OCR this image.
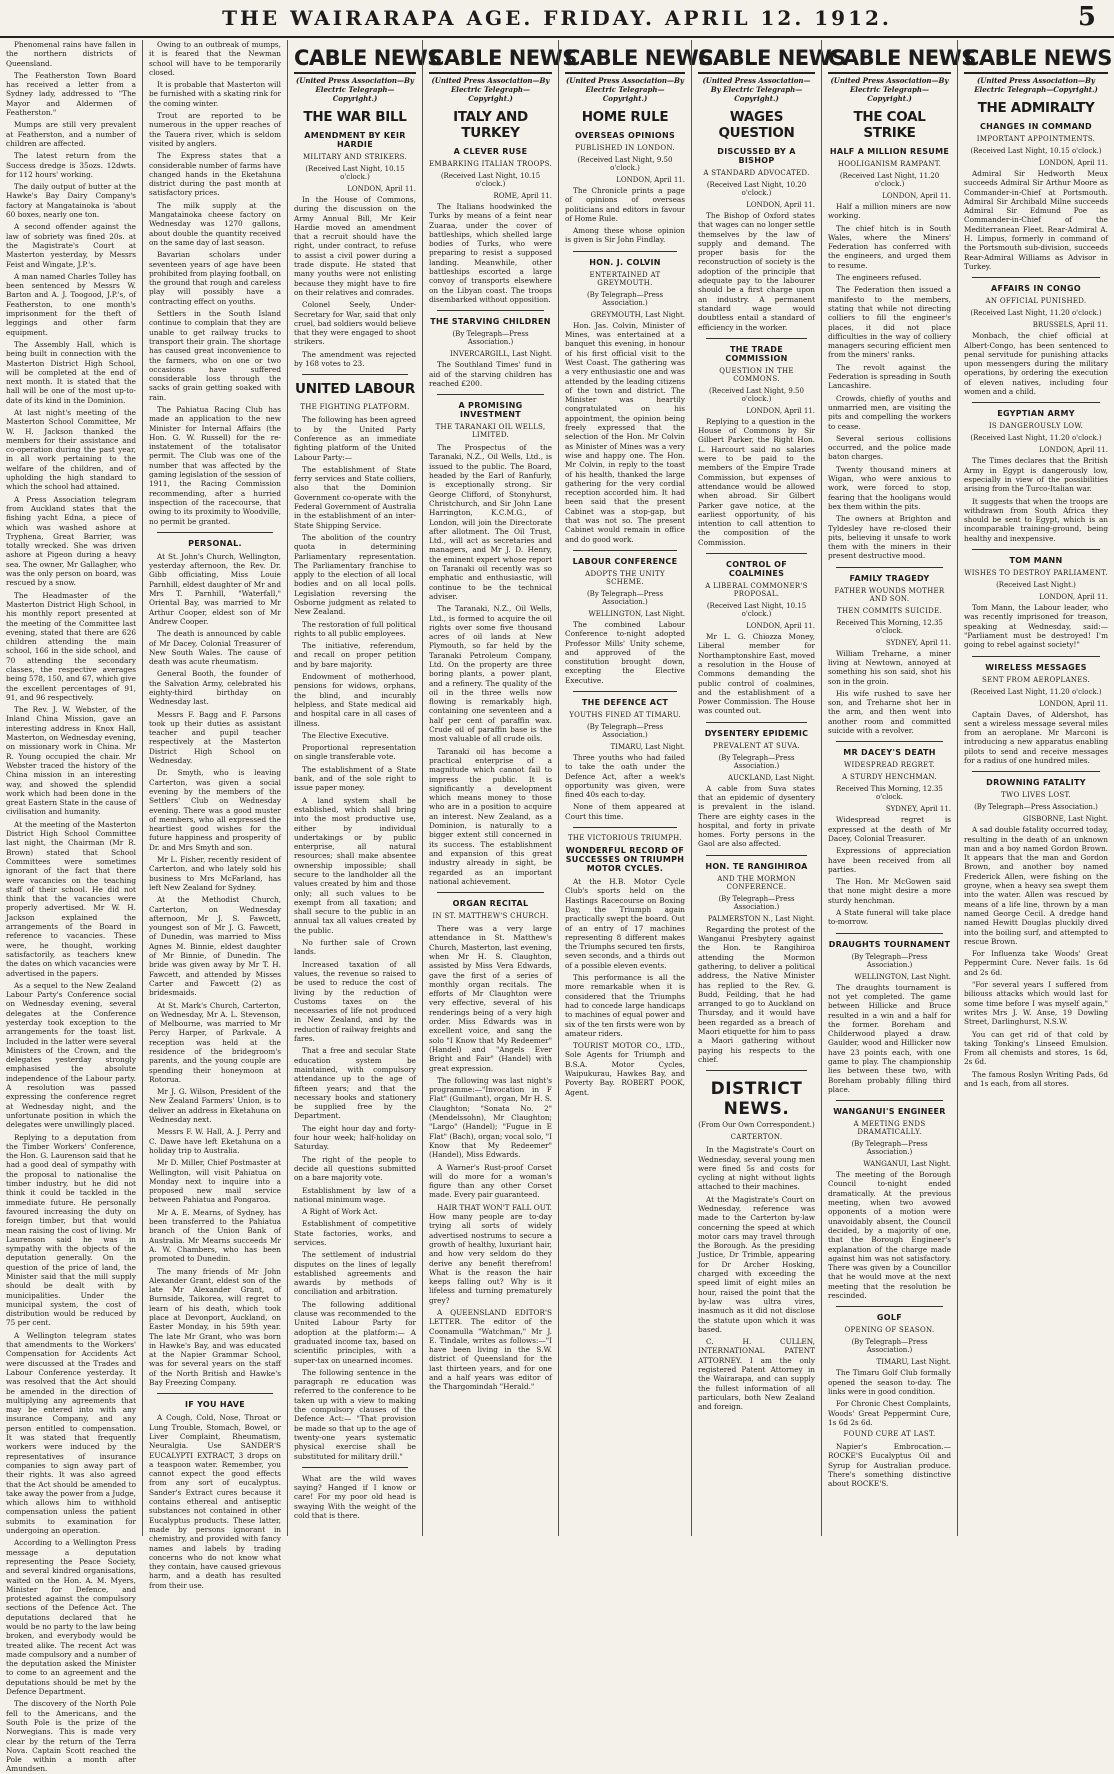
THE WAIRARAPA AGE. FRIDAY. APRIL 12. 1912.	5

Phenomenal rains have fallen in the northern districts of Queensland.

The Featherston Town Board has received a letter from a Sydney lady, addressed to "The Mayor and Aldermen of Featherston."

Mumps are still very prevalent at Featherston, and a number of children are affected.

The latest return from the Success dredge is 35ozs. 12dwts. for 112 hours' working.

The daily output of butter at the Hawke's Bay Dairy Company's factory at Mangatainoka is 'about 60 boxes, nearly one ton.

A second offender against the law of sobriety was fined 20s. at the Magistrate's Court at Masterton yesterday, by Messrs Feist and Wingate, J.P.'s.

A man named Charles Tolley has been sentenced by Messrs W. Barton and A. J. Toogood, J.P.'s, of Featherston, to one month's imprisonment for the theft of leggings and other farm equipment.

The Assembly Hall, which is being built in connection with the Masterton District High School, will be completed at the end of next month. It is stated that the hall will be one of the most up-to-date of its kind in the Dominion.

At last night's meeting of the Masterton School Committee, Mr W. H. Jackson thanked the members for their assistance and co-operation during the past year, in all work pertaining to the welfare of the children, and of upholding the high standard to which the school had attained.

A Press Association telegram from Auckland states that the fishing yacht Edna, a piece of which was washed ashore at Tryphena, Great Barrier, was totally wrecked. She was driven ashore at Pigeon during a heavy sea. The owner, Mr Gallagher, who was the only person on board, was rescued by a snow.

The Headmaster of the Masterton District High School, in his monthly report presented at the meeting of the Committee last evening, stated that there are 626 children attending the main school, 166 in the side school, and 70 attending the secondary classes, the respective averages being 578, 150, and 67, which give the excellent percentages of 91, 91, and 96 respectively.

The Rev. J. W. Webster, of the Inland China Mission, gave an interesting address in Knox Hall, Masterton, on Wednesday evening, on missionary work in China. Mr R. Young occupied the chair. Mr Webster traced the history of the China mission in an interesting way, and showed the splendid work which had been done in the great Eastern State in the cause of civilisation and humanity.

At the meeting of the Masterton District High School Committee last night, the Chairman (Mr R. Brown) stated that School Committees were sometimes ignorant of the fact that there were vacancies on the teaching staff of their school. He did not think that the vacancies were properly advertised. Mr W. H. Jackson explained the arrangements of the Board in reference to vacancies. These were, he thought, working satisfactorily, as teachers knew the dates on which vacancies were advertised in the papers.

As a sequel to the New Zealand Labour Party's Conference social on Wednesday evening, several delegates at the Conference yesterday took exception to the arrangements for the toast list. Included in the latter were several Ministers of the Crown, and the delegates yesterday strongly emphasised the absolute independence of the Labour party. A resolution was passed expressing the conference regret at Wednesday night, and the unfortunate position in which the delegates were unwillingly placed.

Replying to a deputation from the Timber Workers' Conference, the Hon. G. Laurenson said that he had a good deal of sympathy with the proposal to nationalise the timber industry, but he did not think it could be tackled in the immediate future. He personally favoured increasing the duty on foreign timber, but that would mean raising the cost of living. Mr Laurenson said he was in sympathy with the objects of the deputation generally. On the question of the price of land, the Minister said that the mill supply should be dealt with by municipalities. Under the municipal system, the cost of distribution would be reduced by 75 per cent.

A Wellington telegram states that amendments to the Workers' Compensation for Accidents Act were discussed at the Trades and Labour Conference yesterday. It was resolved that the Act should be amended in the direction of multiplying any agreements that may be entered into with any insurance Company, and any person entitled to compensation. It was stated that frequently workers were induced by the representatives of insurance companies to sign away part of their rights. It was also agreed that the Act should be amended to take away the power from a Judge, which allows him to withhold compensation unless the patient submits to examination for undergoing an operation.

According to a Wellington Press message a deputation representing the Peace Society, and several kindred organisations, waited on the Hon. A. M. Myers, Minister for Defence, and protested against the compulsory sections of the Defence Act. The deputations declared that he would be no party to the law being broken, and everybody would be treated alike. The recent Act was made compulsory and a number of the deputation asked the Minister to come to an agreement and the deputations should be met by the Defence Department.

The discovery of the North Pole fell to the Americans, and the South Pole is the prize of the Norwegians. This is made very clear by the return of the Terra Nova. Captain Scott reached the Pole within a month after Amundsen.

Owing to an outbreak of mumps, it is feared that the Newman school will have to be temporarily closed.

It is probable that Masterton will be furnished with a skating rink for the coming winter.

Trout are reported to be numerous in the upper reaches of the Tauera river, which is seldom visited by anglers.

The Express states that a considerable number of farms have changed hands in the Eketahuna district during the past month at satisfactory prices.

The milk supply at the Mangatainoka cheese factory on Wednesday was 1270 gallons, about double the quantity received on the same day of last season.

Bavarian scholars under seventeen years of age have been prohibited from playing football, on the ground that rough and careless play will possibly have a contracting effect on youths.

Settlers in the South Island continue to complain that they are unable to get railway trucks to transport their grain. The shortage has caused great inconvenience to the farmers, who on one or two occasions have suffered considerable loss through the sacks of grain getting soaked with rain.

The Pahiatua Racing Club has made an application to the new Minister for Internal Affairs (the Hon. G. W. Russell) for the re-instatement of the totalisator permit. The Club was one of the number that was affected by the gaming legislation of the session of 1911, the Racing Commission recommending, after a hurried inspection of the racecourse, that owing to its proximity to Woodville, no permit be granted.

PERSONAL.

At St. John's Church, Wellington, yesterday afternoon, the Rev. Dr. Gibb officiating, Miss Louie Parnhill, eldest daughter of Mr and Mrs T. Parnhill, "Waterfall," Oriental Bay, was married to Mr Arthur Cooper, eldest son of Mr Andrew Cooper.

The death is announced by cable of Mr Dacey, Colonial Treasurer of New South Wales. The cause of death was acute rheumatism.

General Booth, the founder of the Salvation Army, celebrated his eighty-third birthday on Wednesday last.

Messrs F. Bagg and F. Parsons took up their duties as assistant teacher and pupil teacher respectively at the Masterton District High School on Wednesday.

Dr. Smyth, who is leaving Carterton, was given a social evening by the members of the Settlers' Club on Wednesday evening. There was a good muster of members, who all expressed the heartiest good wishes for the future happiness and prosperity of Dr. and Mrs Smyth and son.

Mr L. Fisher, recently resident of Carterton, and who lately sold his business to Mrs McFarland, has left New Zealand for Sydney.

At the Methodist Church, Carterton, on Wednesday afternoon, Mr J. S. Fawcett, youngest son of Mr J. G. Fawcett, of Dunedin, was married to Miss Agnes M. Binnie, eldest daughter of Mr Binnie, of Dunedin. The bride was given away by Mr T. H. Fawcett, and attended by Misses Carter and Fawcett (2) as bridesmaids.

At St. Mark's Church, Carterton, on Wednesday, Mr A. L. Stevenson, of Melbourne, was married to Mr Percy Harper, of Parkvale. A reception was held at the residence of the bridegroom's parents, and the young couple are spending their honeymoon at Rotorua.

Mr J. G. Wilson, President of the New Zealand Farmers' Union, is to deliver an address in Eketahuna on Wednesday next.

Messrs F. W. Hall, A. J. Perry and C. Dawe have left Eketahuna on a holiday trip to Australia.

Mr D. Miller, Chief Postmaster at Wellington, will visit Pahiatua on Monday next to inquire into a proposed new mail service between Pahiatua and Pongaroa.

Mr A. E. Mearns, of Sydney, has been transferred to the Pahiatua branch of the Union Bank of Australia. Mr Mearns succeeds Mr A. W. Chambers, who has been promoted to Dunedin.

The many friends of Mr John Alexander Grant, eldest son of the late Mr Alexander Grant, of Burnside, Taikorea, will regret to learn of his death, which took place at Devonport, Auckland, on Easter Monday, in his 59th year. The late Mr Grant, who was born in Hawke's Bay, and was educated at the Napier Grammar School, was for several years on the staff of the North British and Hawke's Bay Freezing Company.

IF YOU HAVE

A Cough, Cold, Nose, Throat or Lung Trouble, Stomach, Bowel, or Liver Complaint, Rheumatism, Neuralgia. Use SANDER'S EUCALYPTI EXTRACT, 3 drops on a teaspoon water. Remember, you cannot expect the good effects from any sort of eucalyptus. Sander's Extract cures because it contains ethereal and antiseptic substances not contained in other Eucalyptus products. These latter, made by persons ignorant in chemistry, and provided with fancy names and labels by trading concerns who do not know what they contain, have caused grievous harm, and a death has resulted from their use.

CABLE NEWS
(United Press Association—By Electric Telegraph—Copyright.)
THE WAR BILL
AMENDMENT BY KEIR HARDIE
MILITARY AND STRIKERS.
(Received Last Night, 10.15 o'clock.)
LONDON, April 11.

In the House of Commons, during the discussion on the Army Annual Bill, Mr Keir Hardie moved an amendment that a recruit should have the right, under contract, to refuse to assist a civil power during a trade dispute. He stated that many youths were not enlisting because they might have to fire on their relatives and comrades.

Colonel Seely, Under-Secretary for War, said that only cruel, bad soldiers would believe that they were engaged to shoot strikers.

The amendment was rejected by 168 votes to 23.

UNITED LABOUR
THE FIGHTING PLATFORM.

The following has been agreed to by the United Party Conference as an immediate fighting platform of the United Labour Party:—

The establishment of State ferry services and State colliers, also that the Dominion Government co-operate with the Federal Government of Australia in the establishment of an inter-State Shipping Service.

The abolition of the country quota in determining Parliamentary representation. The Parliamentary franchise to apply to the election of all local bodies and on all local polls. Legislation reversing the Osborne judgment as related to New Zealand.

The restoration of full political rights to all public employees.

The initiative, referendum, and recall on proper petition and by bare majority.

Endowment of motherhood, pensions for widows, orphans, the blind, and incurably helpless, and State medical aid and hospital care in all cases of illness.

The Elective Executive.

Proportional representation on single transferable vote.

The establishment of a State bank, and of the sole right to issue paper money.

A land system shall be established, which shall bring into the most productive use, either by individual undertakings or by public enterprise, all natural resources; shall make absentee ownership impossible; shall secure to the landholder all the values created by him and those only; all such values to be exempt from all taxation; and shall secure to the public in an annual tax all values created by the public.

No further sale of Crown lands.

Increased taxation of all values, the revenue so raised to be used to reduce the cost of living by the reduction of Customs taxes on the necessaries of life not produced in New Zealand, and by the reduction of railway freights and fares.

That a free and secular State education system be maintained, with compulsory attendance up to the age of fifteen years; and that the necessary books and stationery be supplied free by the Department.

The eight hour day and forty-four hour week; half-holiday on Saturday.

The right of the people to decide all questions submitted on a bare majority vote.

Establishment by law of a national minimum wage.

A Right of Work Act.

Establishment of competitive State factories, works, and services.

The settlement of industrial disputes on the lines of legally established agreements and awards by methods of conciliation and arbitration.

The following additional clause was recommended to the United Labour Party for adoption at the platform:— A graduated income tax, based on scientific principles, with a super-tax on unearned incomes.

The following sentence in the paragraph re education was referred to the conference to be taken up with a view to making the compulsory clauses of the Defence Act:— "That provision be made so that up to the age of twenty-one years systematic physical exercise shall be substituted for military drill."

What are the wild waves saying? Hanged if I know or care! For my poor old head is swaying With the weight of the cold that is there.

CABLE NEWS
(United Press Association—By Electric Telegraph—Copyright.)
ITALY AND TURKEY
A CLEVER RUSE
EMBARKING ITALIAN TROOPS.
(Received Last Night, 10.15 o'clock.)
ROME, April 11.

The Italians hoodwinked the Turks by means of a feint near Zuaraa, under the cover of battleships, which shelled large bodies of Turks, who were preparing to resist a supposed landing. Meanwhile, other battleships escorted a large convoy of transports elsewhere on the Libyan coast. The troops disembarked without opposition.

THE STARVING CHILDREN
(By Telegraph—Press Association.)
INVERCARGILL, Last Night.

The Southland Times' fund in aid of the starving children has reached £200.

A PROMISING INVESTMENT
THE TARANAKI OIL WELLS, LIMITED.

The Prospectus of the Taranaki, N.Z., Oil Wells, Ltd., is issued to the public. The Board, headed by the Earl of Ranfurly, is exceptionally strong. Sir George Clifford, of Stonyhurst, Christchurch, and Sir John Lane Harrington, K.C.M.G., of London, will join the Directorate after allotment. The Oil Trust, Ltd., will act as secretaries and managers, and Mr J. D. Henry, the eminent expert whose report on Taranaki oil recently was so emphatic and enthusiastic, will continue to be the technical adviser.

The Taranaki, N.Z., Oil Wells, Ltd., is formed to acquire the oil rights over some five thousand acres of oil lands at New Plymouth, so far held by the Taranaki Petroleum Company, Ltd. On the property are three boring plants, a power plant, and a refinery. The quality of the oil in the three wells now flowing is remarkably high, containing one seventeen and a half per cent of paraffin wax. Crude oil of paraffin base is the most valuable of all crude oils.

Taranaki oil has become a practical enterprise of a magnitude which cannot fail to impress the public. It is significantly a development which means money to those who are in a position to acquire an interest. New Zealand, as a Dominion, is naturally to a bigger extent still concerned in its success. The establishment and expansion of this great industry already in sight, be regarded as an important national achievement.

ORGAN RECITAL
IN ST. MATTHEW'S CHURCH.

There was a very large attendance in St. Matthew's Church, Masterton, last evening, when Mr H. S. Claughton, assisted by Miss Vera Edwards, gave the first of a series of monthly organ recitals. The efforts of Mr Claughton were very effective, several of his renderings being of a very high order. Miss Edwards was in excellent voice, and sang the solo "I Know that My Redeemer" (Handel) and "Angels Ever Bright and Fair" (Handel) with great expression.

The following was last night's programme:—"Invocation in F Flat" (Guilmant), organ, Mr H. S. Claughton; "Sonata No. 2" (Mendelssohn), Mr Claughton; "Largo" (Handel); "Fugue in E Flat" (Bach), organ; vocal solo, "I Know that My Redeemer" (Handel), Miss Edwards.

A Warner's Rust-proof Corset will do more for a woman's figure than any other Corset made. Every pair guaranteed.

HAIR THAT WON'T FALL OUT. How many people are to-day trying all sorts of widely advertised nostrums to secure a growth of healthy, luxuriant hair, and how very seldom do they derive any benefit therefrom! What is the reason the hair keeps falling out? Why is it lifeless and turning prematurely grey?

A QUEENSLAND EDITOR'S LETTER. The editor of the Coonamulla "Watchman," Mr J. E. Tindale, writes as follows:—"I have been living in the S.W. district of Queensland for the last thirteen years, and for one and a half years was editor of the Thargomindah "Herald."

CABLE NEWS
(United Press Association—By Electric Telegraph—Copyright.)
HOME RULE
OVERSEAS OPINIONS
PUBLISHED IN LONDON.
(Received Last Night, 9.50 o'clock.)
LONDON, April 11.

The Chronicle prints a page of opinions of overseas politicians and editors in favour of Home Rule.

Among these whose opinion is given is Sir John Findlay.

HON. J. COLVIN
ENTERTAINED AT GREYMOUTH.
(By Telegraph—Press Association.)
GREYMOUTH, Last Night.

Hon. Jas. Colvin, Minister of Mines, was entertained at a banquet this evening, in honour of his first official visit to the West Coast. The gathering was a very enthusiastic one and was attended by the leading citizens of the town and district. The Minister was heartily congratulated on his appointment, the opinion being freely expressed that the selection of the Hon. Mr Colvin as Minister of Mines was a very wise and happy one. The Hon. Mr Colvin, in reply to the toast of his health, thanked the large gathering for the very cordial reception accorded him. It had been said that the present Cabinet was a stop-gap, but that was not so. The present Cabinet would remain in office and do good work.

LABOUR CONFERENCE
ADOPTS THE UNITY SCHEME.
(By Telegraph—Press Association.)
WELLINGTON, Last Night.

The combined Labour Conference to-night adopted Professor Mills' Unity scheme, and approved of the constitution brought down, excepting the Elective Executive.

THE DEFENCE ACT
YOUTHS FINED AT TIMARU.
(By Telegraph—Press Association.)
TIMARU, Last Night.

Three youths who had failed to take the oath under the Defence Act, after a week's opportunity was given, were fined 40s each to-day.

None of them appeared at Court this time.

THE VICTORIOUS TRIUMPH.
WONDERFUL RECORD OF SUCCESSES ON TRIUMPH MOTOR CYCLES.

At the H.B. Motor Cycle Club's sports held on the Hastings Racecourse on Boxing Day, the Triumph again practically swept the board. Out of an entry of 17 machines representing 8 different makes the Triumphs secured ten firsts, seven seconds, and a thirds out of a possible eleven events.

This performance is all the more remarkable when it is considered that the Triumphs had to concede large handicaps to machines of equal power and six of the ten firsts were won by amateur riders.

TOURIST MOTOR CO., LTD., Sole Agents for Triumph and B.S.A. Motor Cycles, Waipukurau, Hawkes Bay, and Poverty Bay. ROBERT POOK, Agent.

CABLE NEWS
(United Press Association—By Electric Telegraph—Copyright.)
WAGES QUESTION
DISCUSSED BY A BISHOP
A STANDARD ADVOCATED.
(Received Last Night, 10.20 o'clock.)
LONDON, April 11.

The Bishop of Oxford states that wages can no longer settle themselves by the law of supply and demand. The proper basis for the reconstruction of society is the adoption of the principle that adequate pay to the labourer should be a first charge upon an industry. A permanent standard wage would doubtless entail a standard of efficiency in the worker.

THE TRADE COMMISSION
QUESTION IN THE COMMONS.
(Received Last Night, 9.50 o'clock.)
LONDON, April 11.

Replying to a question in the House of Commons by Sir Gilbert Parker, the Right Hon. L. Harcourt said no salaries were to be paid to the members of the Empire Trade Commission, but expenses of attendance would be allowed when abroad. Sir Gilbert Parker gave notice, at the earliest opportunity, of his intention to call attention to the composition of the Commission.

CONTROL OF COALMINES
A LIBERAL COMMONER'S PROPOSAL.
(Received Last Night, 10.15 o'clock.)
LONDON, April 11.

Mr L. G. Chiozza Money, Liberal member for Northamptonshire East, moved a resolution in the House of Commons demanding the public control of coalmines, and the establishment of a Power Commission. The House was counted out.

DYSENTERY EPIDEMIC
PREVALENT AT SUVA.
(By Telegraph—Press Association.)
AUCKLAND, Last Night.

A cable from Suva states that an epidemic of dysentery is prevalent in the island. There are eighty cases in the hospital, and forty in private homes. Forty persons in the Gaol are also affected.

HON. TE RANGIHIROA
AND THE MORMON CONFERENCE.
(By Telegraph—Press Association.)
PALMERSTON N., Last Night.

Regarding the protest of the Wanganui Presbytery against the Hon. te Rangihiroa attending the Mormon gathering, to deliver a political address, the Native Minister has replied to the Rev. G. Budd, Feilding, that he had arranged to go to Auckland on Thursday, and it would have been regarded as a breach of Maori etiquette for him to pass a Maori gathering without paying his respects to the chief.

DISTRICT NEWS.
(From Our Own Correspondent.)
CARTERTON.

In the Magistrate's Court on Wednesday, several young men were fined 5s and costs for cycling at night without lights attached to their machines.

At the Magistrate's Court on Wednesday, reference was made to the Carterton by-law concerning the speed at which motor cars may travel through the Borough. As the presiding Justice, Dr Trimble, appearing for Dr Archer Hosking, charged with exceeding the speed limit of eight miles an hour, raised the point that the by-law was ultra vires, inasmuch as it did not disclose the statute upon which it was based.

C. H. CULLEN, INTERNATIONAL PATENT ATTORNEY. I am the only registered Patent Attorney in the Wairarapa, and can supply the fullest information of all particulars, both New Zealand and foreign.

CABLE NEWS
(United Press Association—By Electric Telegraph—Copyright.)
THE COAL STRIKE
HALF A MILLION RESUME
HOOLIGANISM RAMPANT.
(Received Last Night, 11.20 o'clock.)
LONDON, April 11.

Half a million miners are now working.

The chief hitch is in South Wales, where the Miners' Federation has conferred with the engineers, and urged them to resume.

The engineers refused.

The Federation then issued a manifesto to the members, stating that while not directing colliers to fill the engineer's places, it did not place difficulties in the way of colliery managers securing efficient men from the miners' ranks.

The revolt against the Federation is spreading in South Lancashire.

Crowds, chiefly of youths and unmarried men, are visiting the pits and compelling the workers to cease.

Several serious collisions occurred, and the police made baton charges.

Twenty thousand miners at Wigan, who were anxious to work, were forced to stop, fearing that the hooligans would bex them within the pits.

The owners at Brighton and Tyldesley have re-closed their pits, believing it unsafe to work them with the miners in their present destructive mood.

FAMILY TRAGEDY
FATHER WOUNDS MOTHER AND SON.
THEN COMMITS SUICIDE.
Received This Morning, 12.35 o'clock.
SYDNEY, April 11.

William Treharne, a miner living at Newtown, annoyed at something his son said, shot his son in the groin.

His wife rushed to save her son, and Treharne shot her in the arm, and then went into another room and committed suicide with a revolver.

MR DACEY'S DEATH
WIDESPREAD REGRET.
A STURDY HENCHMAN.
Received This Morning, 12.35 o'clock.
SYDNEY, April 11.

Widespread regret is expressed at the death of Mr Dacey, Colonial Treasurer.

Expressions of appreciation have been received from all parties.

The Hon. Mr McGowen said that none might desire a more sturdy henchman.

A State funeral will take place to-morrow.

DRAUGHTS TOURNAMENT
(By Telegraph—Press Association.)
WELLINGTON, Last Night.

The draughts tournament is not yet completed. The game between Hillicke and Bruce resulted in a win and a half for the former. Boreham and Childerwood played a draw. Gaulder, wood and Hillicker now have 23 points each, with one game to play. The championship lies between these two, with Boreham probably filling third place.

WANGANUI'S ENGINEER
A MEETING ENDS DRAMATICALLY.
(By Telegraph—Press Association.)
WANGANUI, Last Night.

The meeting of the Borough Council to-night ended dramatically. At the previous meeting, when two avowed opponents of a motion were unavoidably absent, the Council decided, by a majority of one, that the Borough Engineer's explanation of the charge made against him was not satisfactory. There was given by a Councillor that he would move at the next meeting that the resolution be rescinded.

GOLF
OPENING OF SEASON.
(By Telegraph—Press Association.)
TIMARU, Last Night.

The Timaru Golf Club formally opened the season to-day. The links were in good condition.

For Chronic Chest Complaints, Woods' Great Peppermint Cure, 1s 6d 2s 6d.

FOUND CURE AT LAST.

Napier's Embrocation.—ROCKE'S Eucalyptus Oil and Syrup for Australian produce. There's something distinctive about ROCKE'S.

CABLE NEWS
(United Press Association—By Electric Telegraph—Copyright.)
THE ADMIRALTY
CHANGES IN COMMAND
IMPORTANT APPOINTMENTS.
(Received Last Night, 10.15 o'clock.)
LONDON, April 11.

Admiral Sir Hedworth Meux succeeds Admiral Sir Arthur Moore as Commander-in-Chief at Portsmouth. Admiral Sir Archibald Milne succeeds Admiral Sir Edmund Poe as Commander-in-Chief of the Mediterranean Fleet. Rear-Admiral A. H. Limpus, formerly in command of the Portsmouth sub-division, succeeds Rear-Admiral Williams as Advisor in Turkey.

AFFAIRS IN CONGO
AN OFFICIAL PUNISHED.
(Received Last Night, 11.20 o'clock.)
BRUSSELS, April 11.

Monbach, the chief official at Albert-Congo, has been sentenced to penal servitude for punishing attacks upon messengers during the military operations, by ordering the execution of eleven natives, including four women and a child.

EGYPTIAN ARMY
IS DANGEROUSLY LOW.
(Received Last Night, 11.20 o'clock.)
LONDON, April 11.

The Times declares that the British Army in Egypt is dangerously low, especially in view of the possibilities arising from the Turco-Italian war.

It suggests that when the troops are withdrawn from South Africa they should be sent to Egypt, which is an incomparable training-ground, being healthy and inexpensive.

TOM MANN
WISHES TO DESTROY PARLIAMENT.
(Received Last Night.)
LONDON, April 11.

Tom Mann, the Labour leader, who was recently imprisoned for treason, speaking at Wednesday, said:— "Parliament must be destroyed! I'm going to rebel against society!"

WIRELESS MESSAGES
SENT FROM AEROPLANES.
(Received Last Night, 11.20 o'clock.)
LONDON, April 11.

Captain Daves, of Aldershot, has sent a wireless message several miles from an aeroplane. Mr Marconi is introducing a new apparatus enabling pilots to send and receive messages for a radius of one hundred miles.

DROWNING FATALITY
TWO LIVES LOST.
(By Telegraph—Press Association.)
GISBORNE, Last Night.

A sad double fatality occurred today, resulting in the death of an unknown man and a boy named Gordon Brown. It appears that the man and Gordon Brown, and another boy named Frederick Allen, were fishing on the groyne, when a heavy sea swept them into the water. Allen was rescued by means of a life line, thrown by a man named George Cecil. A dredge hand named Hewitt Douglas pluckily dived into the boiling surf, and attempted to rescue Brown.

For Influenza take Woods' Great Peppermint Cure. Never fails. 1s 6d and 2s 6d.

"For several years I suffered from biliouss attacks which would last for some time before I was myself again," writes Mrs J. W. Anse, 19 Dowling Street, Darlinghurst, N.S.W.

You can get rid of that cold by taking Tonking's Linseed Emulsion. From all chemists and stores, 1s 6d, 2s 6d.

The famous Roslyn Writing Pads, 6d and 1s each, from all stores.
